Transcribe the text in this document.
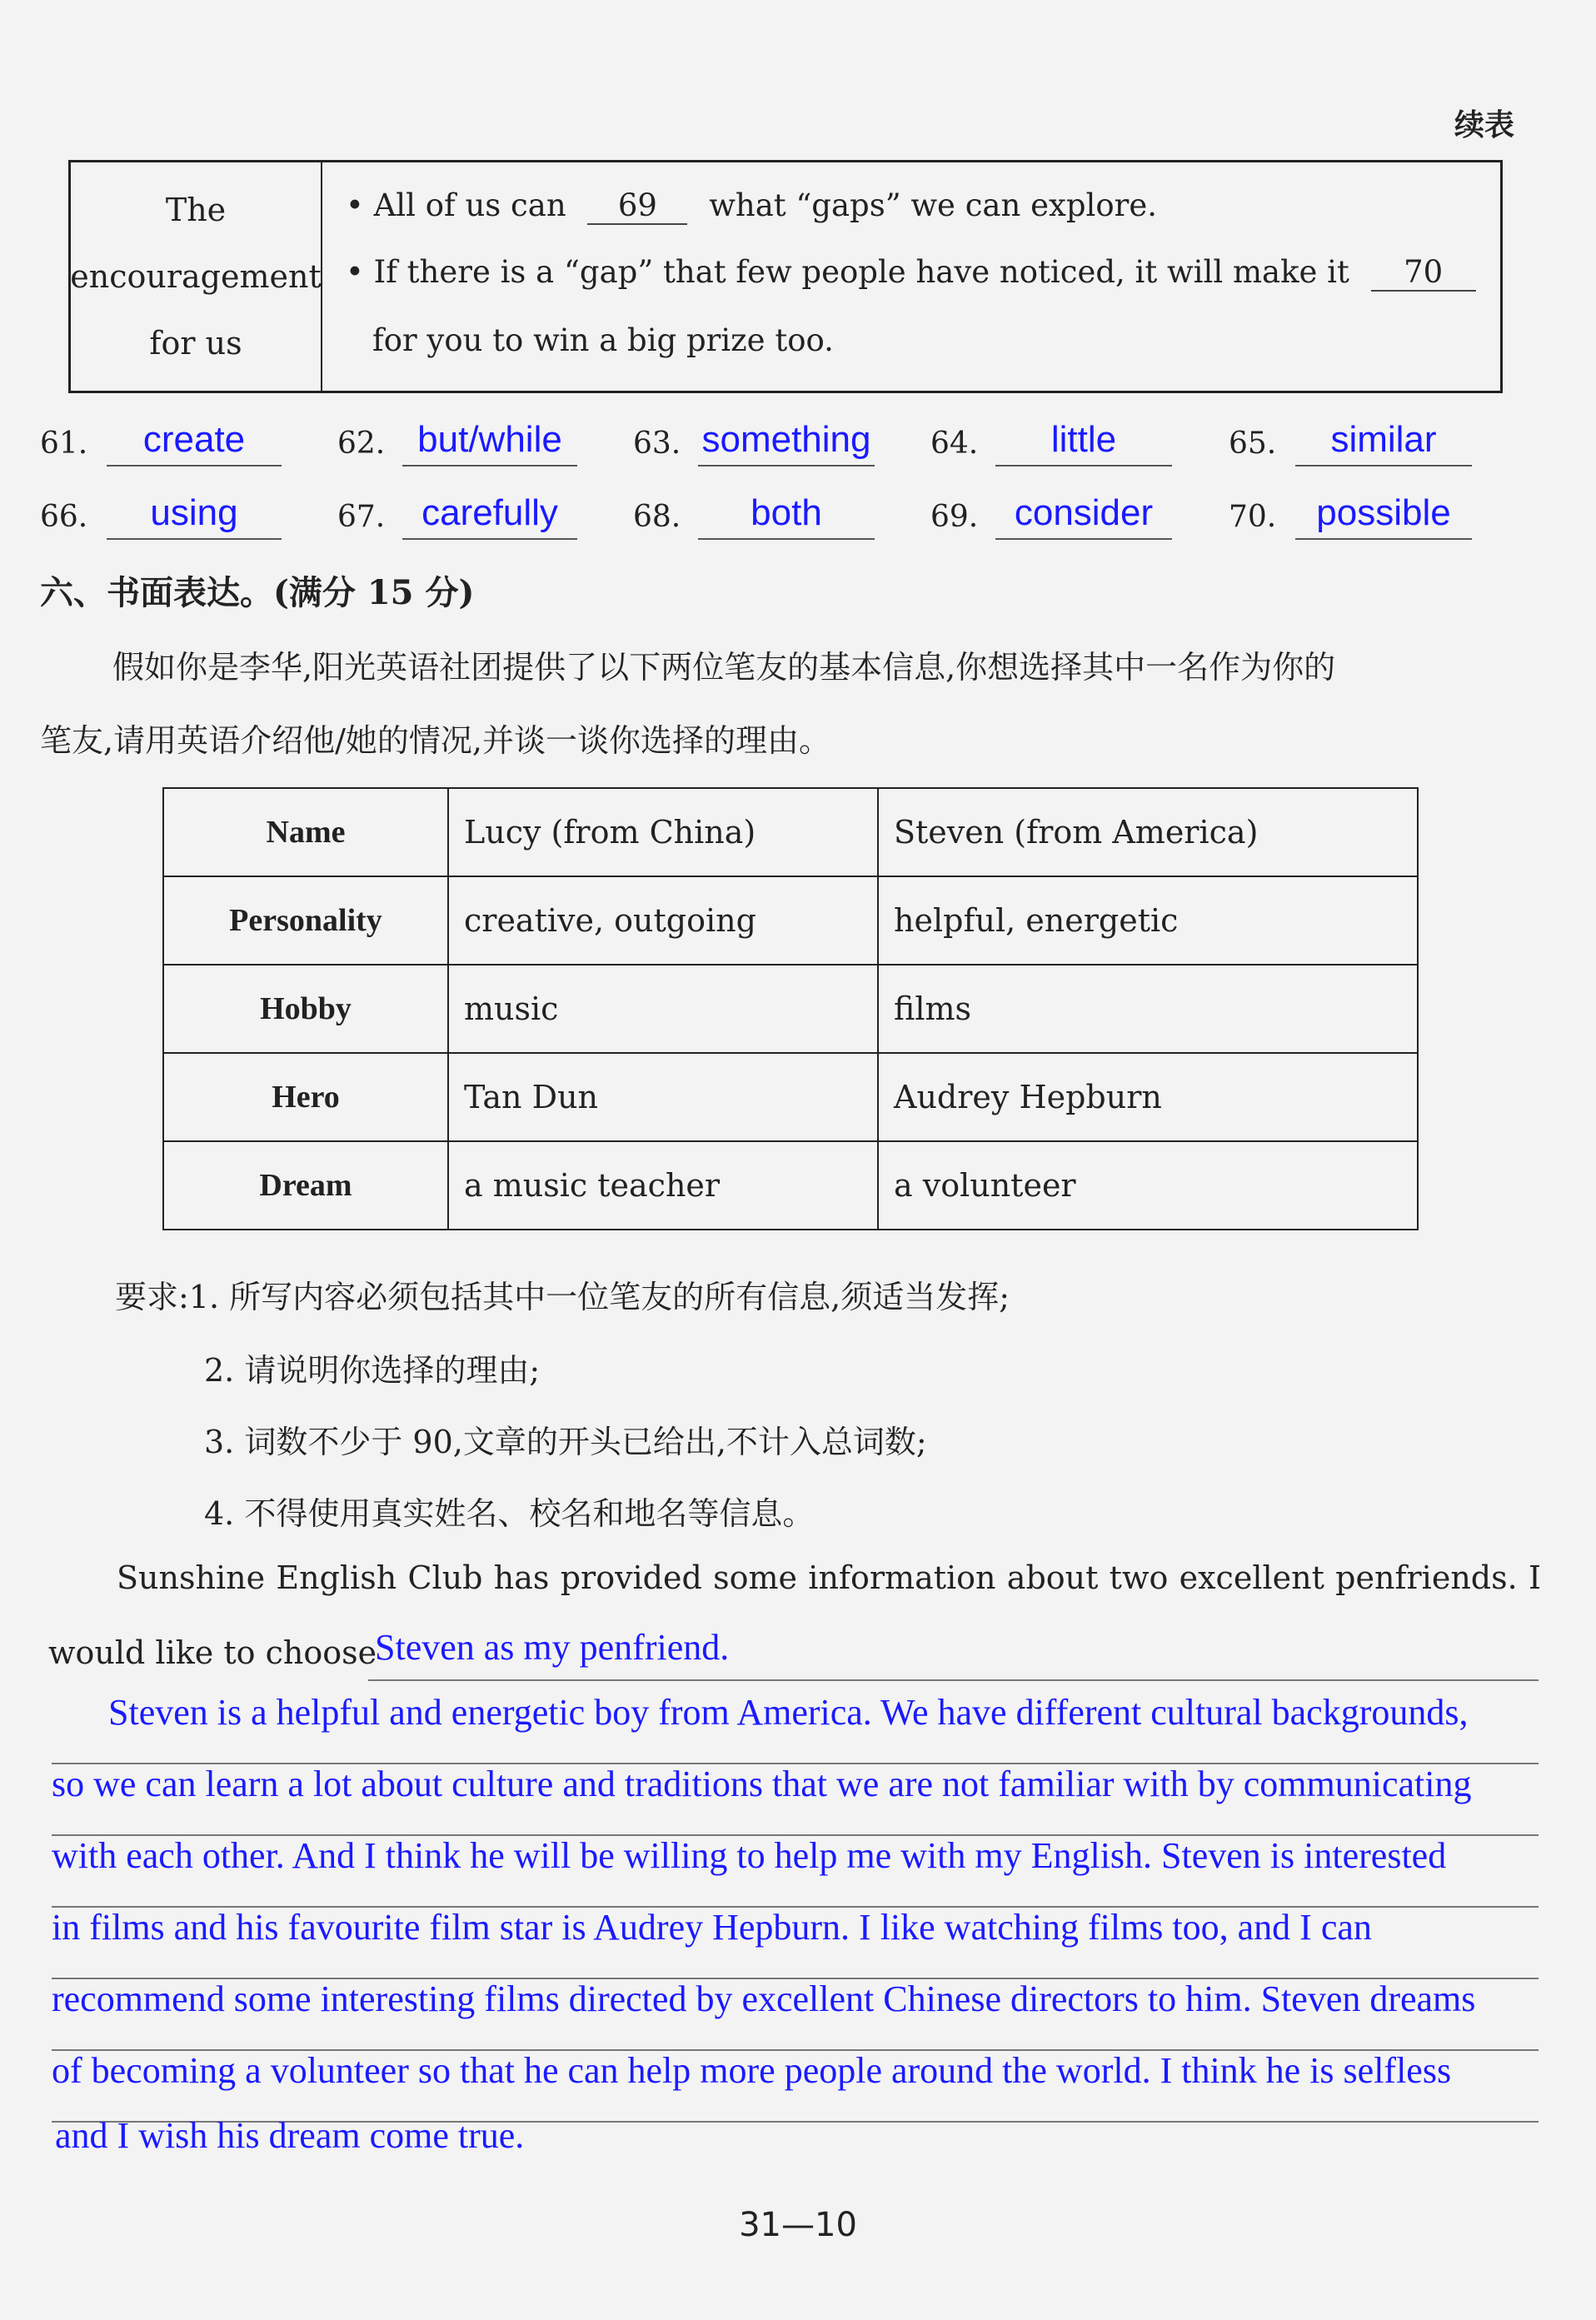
续表
The
encouragement
for us
• All of us can 69 what “gaps” we can explore.
• If there is a “gap” that few people have noticed, it will make it 70
for you to win a big prize too.
61.	create	62. but/while	63. something 64.	little	65.	similar
66.	using	67. carefully	68.	both	69. consider	70.	possible
六、书面表达。(满分 15 分)
假如你是李华,阳光英语社团提供了以下两位笔友的基本信息,你想选择其中一名作为你的
笔友,请用英语介绍他/她的情况,并谈一谈你选择的理由。
Name	Lucy (from China)	Steven (from America)
Personality	creative, outgoing	helpful, energetic
Hobby	music	films
Hero	Tan Dun	Audrey Hepburn
Dream	a music teacher	a volunteer
要求:1. 所写内容必须包括其中一位笔友的所有信息,须适当发挥;
2. 请说明你选择的理由;
3. 词数不少于 90,文章的开头已给出,不计入总词数;
4. 不得使用真实姓名、校名和地名等信息。
Sunshine English Club has provided some information about two excellent penfriends. I
would like to choose
Steven as my penfriend.
Steven is a helpful and energetic boy from America. We have different cultural backgrounds,
so we can learn a lot about culture and traditions that we are not familiar with by communicating
with each other. And I think he will be willing to help me with my English. Steven is interested
in films and his favourite film star is Audrey Hepburn. I like watching films too, and I can
recommend some interesting films directed by excellent Chinese directors to him. Steven dreams
of becoming a volunteer so that he can help more people around the world. I think he is selfless
and I wish his dream come true.
31—10
